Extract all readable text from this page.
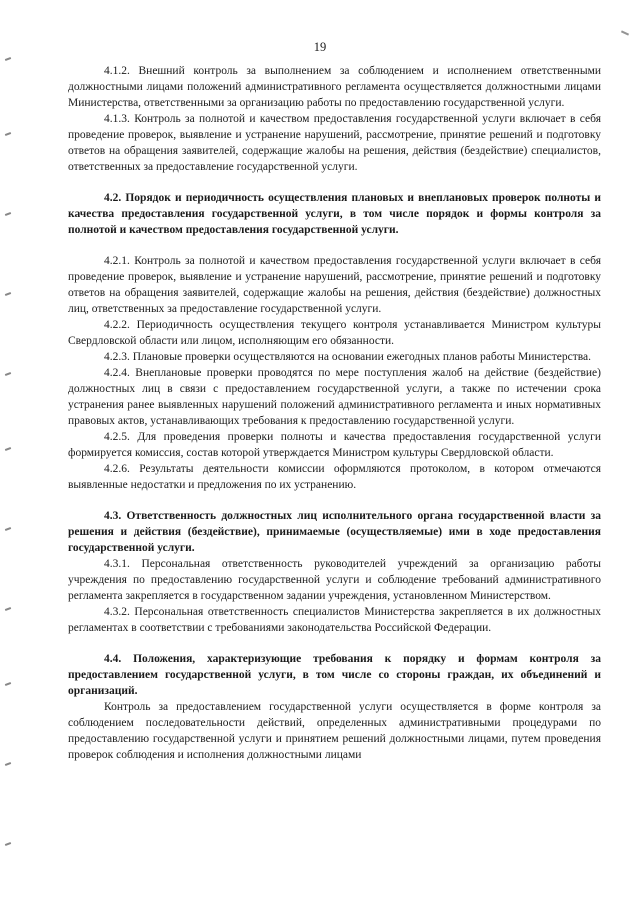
19

4.1.2. Внешний контроль за выполнением за соблюдением и исполнением ответственными должностными лицами положений административного регламента осуществляется должностными лицами Министерства, ответственными за организацию работы по предоставлению государственной услуги.

4.1.3. Контроль за полнотой и качеством предоставления государственной услуги включает в себя проведение проверок, выявление и устранение нарушений, рассмотрение, принятие решений и подготовку ответов на обращения заявителей, содержащие жалобы на решения, действия (бездействие) специалистов, ответственных за предоставление государственной услуги.

4.2. Порядок и периодичность осуществления плановых и внеплановых проверок полноты и качества предоставления государственной услуги, в том числе порядок и формы контроля за полнотой и качеством предоставления государственной услуги.

4.2.1. Контроль за полнотой и качеством предоставления государственной услуги включает в себя проведение проверок, выявление и устранение нарушений, рассмотрение, принятие решений и подготовку ответов на обращения заявителей, содержащие жалобы на решения, действия (бездействие) должностных лиц, ответственных за предоставление государственной услуги.

4.2.2. Периодичность осуществления текущего контроля устанавливается Министром культуры Свердловской области или лицом, исполняющим его обязанности.

4.2.3. Плановые проверки осуществляются на основании ежегодных планов работы Министерства.

4.2.4. Внеплановые проверки проводятся по мере поступления жалоб на действие (бездействие) должностных лиц в связи с предоставлением государственной услуги, а также по истечении срока устранения ранее выявленных нарушений положений административного регламента и иных нормативных правовых актов, устанавливающих требования к предоставлению государственной услуги.

4.2.5. Для проведения проверки полноты и качества предоставления государственной услуги формируется комиссия, состав которой утверждается Министром культуры Свердловской области.

4.2.6. Результаты деятельности комиссии оформляются протоколом, в котором отмечаются выявленные недостатки и предложения по их устранению.

4.3. Ответственность должностных лиц исполнительного органа государственной власти за решения и действия (бездействие), принимаемые (осуществляемые) ими в ходе предоставления государственной услуги.

4.3.1. Персональная ответственность руководителей учреждений за организацию работы учреждения по предоставлению государственной услуги и соблюдение требований административного регламента закрепляется в государственном задании учреждения, установленном Министерством.

4.3.2. Персональная ответственность специалистов Министерства закрепляется в их должностных регламентах в соответствии с требованиями законодательства Российской Федерации.

4.4. Положения, характеризующие требования к порядку и формам контроля за предоставлением государственной услуги, в том числе со стороны граждан, их объединений и организаций.

Контроль за предоставлением государственной услуги осуществляется в форме контроля за соблюдением последовательности действий, определенных административными процедурами по предоставлению государственной услуги и принятием решений должностными лицами, путем проведения проверок соблюдения и исполнения должностными лицами
